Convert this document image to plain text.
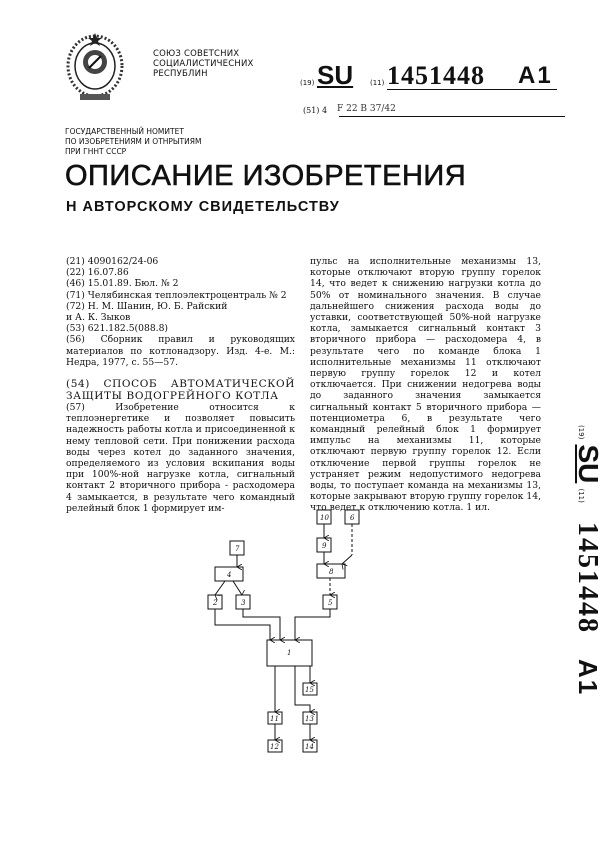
СОЮЗ СОВЕТСНИХ
СОЦИАЛИСТИЧЕСНИХ
РЕСПУБЛИН
(19) SU (11) 1451448 A1
(51) 4 F 22 B 37/42
ГОСУДАРСТВЕННЫЙ НОМИТЕТ
ПО ИЗОБРЕТЕНИЯМ И ОТНРЫТИЯМ
ПРИ ГННТ СССР
ОПИСАНИЕ ИЗОБРЕТЕНИЯ
Н АВТОРСКОМУ СВИДЕТЕЛЬСТВУ
(21) 4090162/24-06
(22) 16.07.86
(46) 15.01.89. Бюл. № 2
(71) Челябинская теплоэлектроцентраль № 2
(72) Н. М. Шанин, Ю. Б. Райский
и А. К. Зыков
(53) 621.182.5(088.8)
(56) Сборник правил и руководящих материалов по котлонадзору. Изд. 4-е. М.: Недра, 1977, с. 55—57.
(54) СПОСОБ АВТОМАТИЧЕСКОЙ ЗАЩИТЫ ВОДОГРЕЙНОГО КОТЛА
(57) Изобретение относится к теплоэнергетике и позволяет повысить надежность работы котла и присоединенной к нему тепловой сети. При понижении расхода воды через котел до заданного значения, определяемого из условия вскипания воды при 100%-ной нагрузке котла, сигнальный контакт 2 вторичного прибора - расходомера 4 замыкается, в результате чего командный релейный блок 1 формирует им-
пульс на исполнительные механизмы 13, которые отключают вторую группу горелок 14, что ведет к снижению нагрузки котла до 50% от номинального значения. В случае дальнейшего снижения расхода воды до уставки, соответствующей 50%-ной нагрузке котла, замыкается сигнальный контакт 3 вторичного прибора — расходомера 4, в результате чего по команде блока 1 исполнительные механизмы 11 отключают первую группу горелок 12 и котел отключается. При снижении недогрева воды до заданного значения замыкается сигнальный контакт 5 вторичного прибора — потенциометра 6, в результате чего командный релейный блок 1 формирует импульс на механизмы 11, которые отключают первую группу горелок 12. Если отключение первой группы горелок не устраняет режим недопустимого недогрева воды, то поступает команда на механизмы 13, которые закрывают вторую группу горелок 14, что ведет к отключению котла. 1 ил.
(19) SU (11) 1451448 A1
7
4
2	3
10	6
9
8
5
1
15
11	13
12	14
